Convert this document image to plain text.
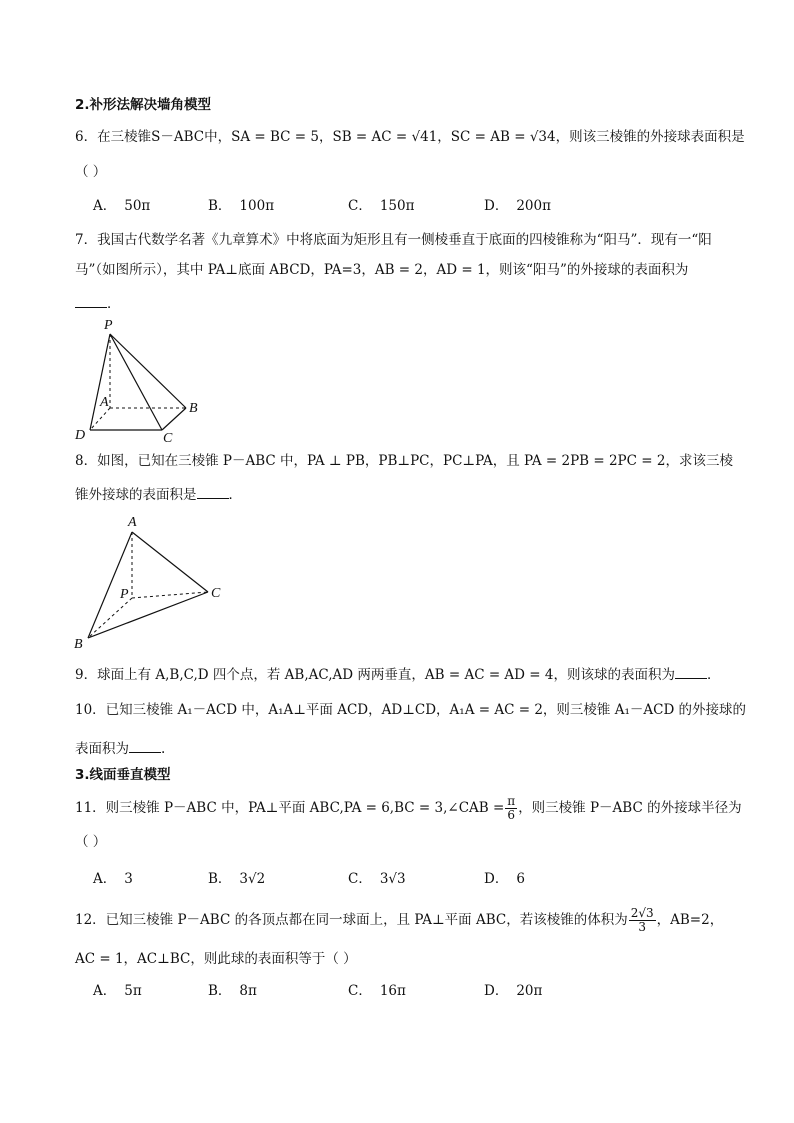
2.补形法解决墙角模型
6．在三棱锥S－ABC中，SA = BC = 5，SB = AC = √41，SC = AB = √34，则该三棱锥的外接球表面积是
（ ）
A． 50π	B． 100π	C． 150π	D． 200π
7．我国古代数学名著《九章算术》中将底面为矩形且有一侧棱垂直于底面的四棱锥称为“阳马”．现有一“阳
马”（如图所示），其中 PA⊥底面 ABCD，PA=3，AB = 2，AD = 1，则该“阳马”的外接球的表面积为
．
P
A	B
D	C
8．如图，已知在三棱锥 P－ABC 中，PA ⊥ PB，PB⊥PC，PC⊥PA，且 PA = 2PB = 2PC = 2，求该三棱
锥外接球的表面积是 ．
A
P	C
B
9．球面上有 A,B,C,D 四个点，若 AB,AC,AD 两两垂直，AB = AC = AD = 4，则该球的表面积为 ．
10．已知三棱锥 A₁－ACD 中，A₁A⊥平面 ACD，AD⊥CD，A₁A = AC = 2，则三棱锥 A₁－ACD 的外接球的
表面积为 .
3.线面垂直模型
11．则三棱锥 P－ABC 中，PA⊥平面 ABC,PA = 6,BC = 3,∠CAB = $\frac{\pi}{6}$ ，则三棱锥 P－ABC 的外接球半径为
（ ）
A． 3	B． 3√2	C． 3√3	D． 6
12．已知三棱锥 P－ABC 的各顶点都在同一球面上，且 PA⊥平面 ABC，若该棱锥的体积为 $\frac{2√3}{3}$ ，AB=2，
AC = 1，AC⊥BC，则此球的表面积等于（ ）
A． 5π	B． 8π	C． 16π	D． 20π
